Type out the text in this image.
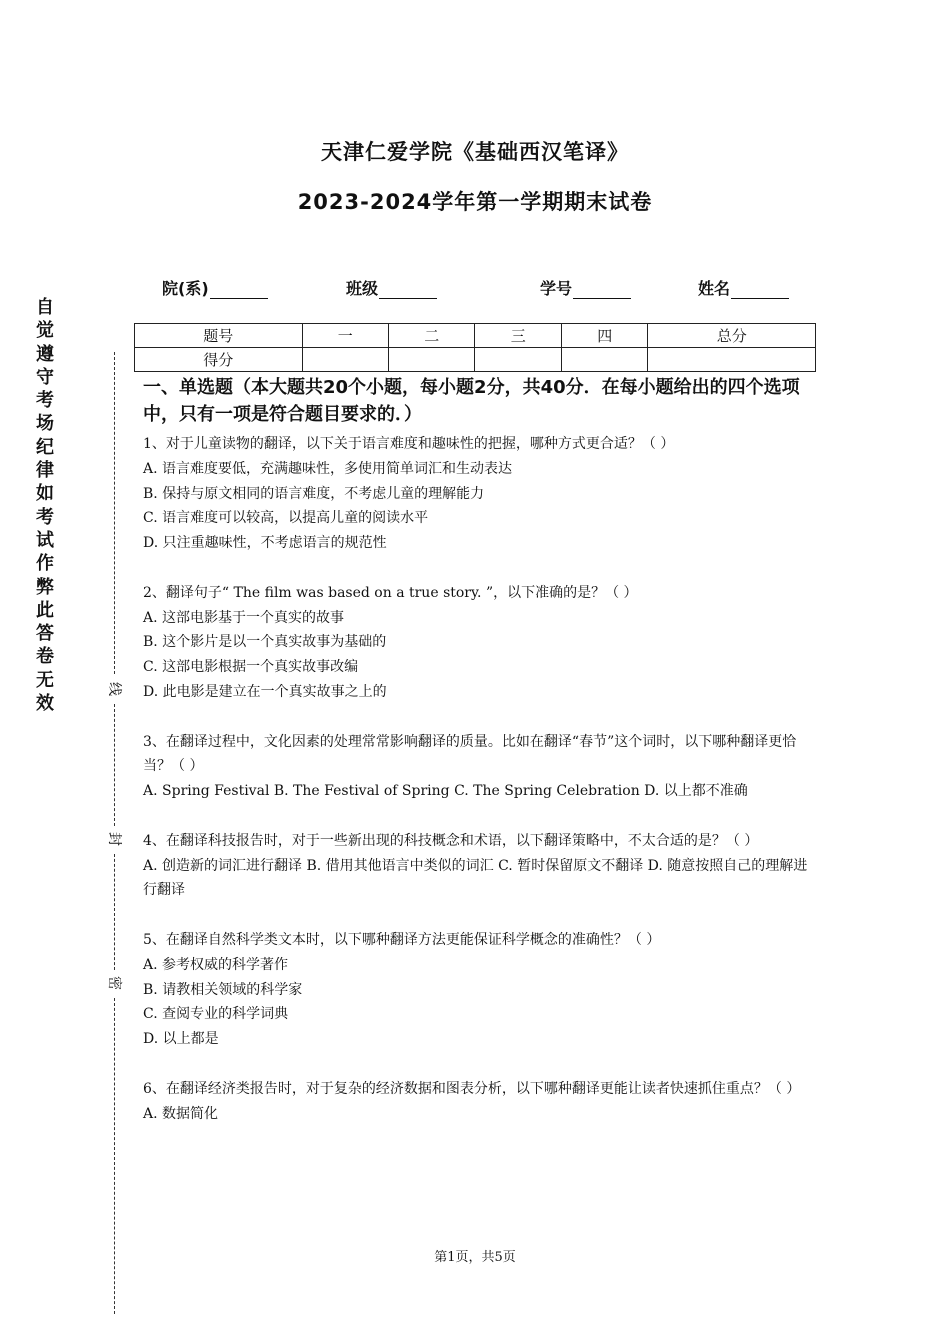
天津仁爱学院《基础西汉笔译》
2023-2024学年第一学期期末试卷
院(系)	班级	学号	姓名
题号	一	二	三	四	总分
得分					
自
觉
遵
守
考
场
纪
律
如
考
试
作
弊
此
答
卷
无
效
线
封
密
一、单选题（本大题共20个小题，每小题2分，共40分．在每小题给出的四个选项中，只有一项是符合题目要求的．）

1、对于儿童读物的翻译，以下关于语言难度和趣味性的把握，哪种方式更合适？（ ）

A. 语言难度要低，充满趣味性，多使用简单词汇和生动表达

B. 保持与原文相同的语言难度，不考虑儿童的理解能力

C. 语言难度可以较高，以提高儿童的阅读水平

D. 只注重趣味性，不考虑语言的规范性

2、翻译句子“ The film was based on a true story. ”，以下准确的是？（ ）

A. 这部电影基于一个真实的故事

B. 这个影片是以一个真实故事为基础的

C. 这部电影根据一个真实故事改编

D. 此电影是建立在一个真实故事之上的

3、在翻译过程中，文化因素的处理常常影响翻译的质量。比如在翻译“春节”这个词时，以下哪种翻译更恰当？（ ）

A. Spring Festival B. The Festival of Spring C. The Spring Celebration D. 以上都不准确

4、在翻译科技报告时，对于一些新出现的科技概念和术语，以下翻译策略中，不太合适的是？（ ）

A. 创造新的词汇进行翻译 B. 借用其他语言中类似的词汇 C. 暂时保留原文不翻译 D. 随意按照自己的理解进行翻译

5、在翻译自然科学类文本时，以下哪种翻译方法更能保证科学概念的准确性？（ ）

A. 参考权威的科学著作

B. 请教相关领域的科学家

C. 查阅专业的科学词典

D. 以上都是

6、在翻译经济类报告时，对于复杂的经济数据和图表分析，以下哪种翻译更能让读者快速抓住重点？（ ）

A. 数据简化

第1页，共5页
